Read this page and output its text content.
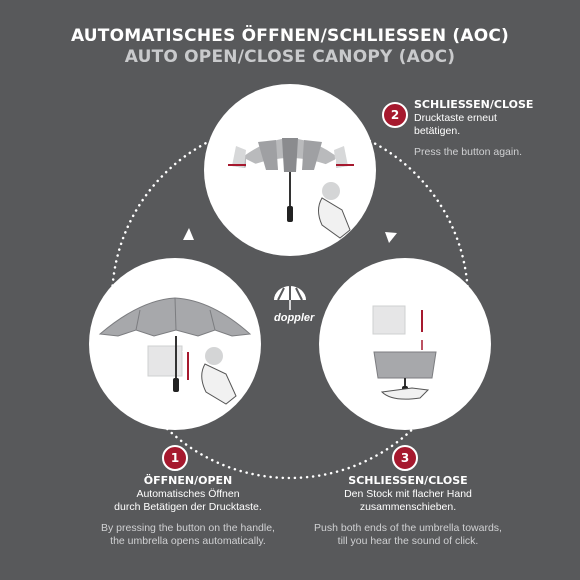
AUTOMATISCHES ÖFFNEN/SCHLIESSEN (AOC)
AUTO OPEN/CLOSE CANOPY (AOC)
doppler
2
1	3
SCHLIESSEN/CLOSE
Drucktaste erneut
betätigen.
Press the button again.
ÖFFNEN/OPEN
Automatisches Öffnen
durch Betätigen der Drucktaste.
By pressing the button on the handle,
the umbrella opens automatically.
SCHLIESSEN/CLOSE
Den Stock mit flacher Hand
zusammenschieben.
Push both ends of the umbrella towards,
till you hear the sound of click.
